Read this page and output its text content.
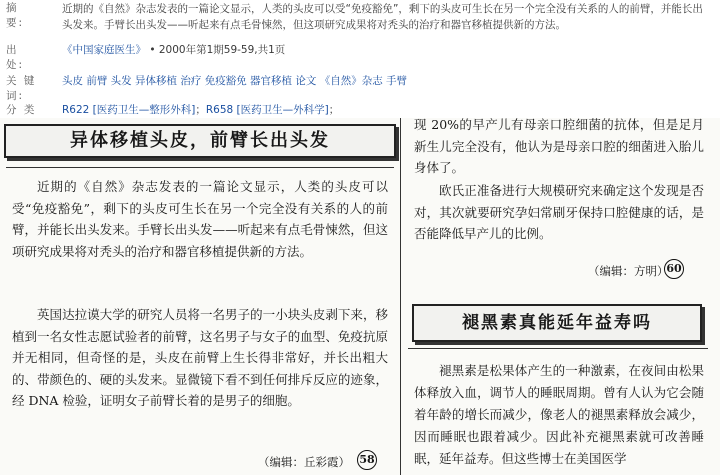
摘　要:
近期的《自然》杂志发表的一篇论文显示，人类的头皮可以受“免疫豁免”，剩下的头皮可生长在另一个完全没有关系的人的前臂，并能长出头发来。手臂长出头发——听起来有点毛骨悚然，但这项研究成果将对秃头的治疗和器官移植提供新的方法。
出　处:
《中国家庭医生》 • 2000年第1期59-59,共1页
关 键 词:
头皮 前臂 头发 异体移植 治疗 免疫豁免 器官移植 论文 《自然》杂志 手臂
分 类	R622 [医药卫生—整形外科]；R658 [医药卫生—外科学]；
异体移植头皮，前臂长出头发

近期的《自然》杂志发表的一篇论文显示，人类的头皮可以受“免疫豁免”，剩下的头皮可生长在另一个完全没有关系的人的前臂，并能长出头发来。手臂长出头发——听起来有点毛骨悚然，但这项研究成果将对秃头的治疗和器官移植提供新的方法。

英国达拉谟大学的研究人员将一名男子的一小块头皮剥下来，移植到一名女性志愿试验者的前臂，这名男子与女子的血型、免疫抗原并无相同，但奇怪的是，头皮在前臂上生长得非常好，并长出粗大的、带颜色的、硬的头发来。显微镜下看不到任何排斥反应的迹象，经 DNA 检验，证明女子前臂长着的是男子的细胞。

（编辑：丘彩霞） 58

现 20%的早产儿有母亲口腔细菌的抗体，但是足月新生儿完全没有，他认为是母亲口腔的细菌进入胎儿身体了。

欧氏正准备进行大规模研究来确定这个发现是否对，其次就要研究孕妇常刷牙保持口腔健康的话，是否能降低早产儿的比例。

（编辑：方明）
60
褪黑素真能延年益寿吗

褪黑素是松果体产生的一种激素，在夜间由松果体释放入血，调节人的睡眠周期。曾有人认为它会随着年龄的增长而减少，像老人的褪黑素释放会减少，因而睡眠也跟着减少。因此补充褪黑素就可改善睡眠，延年益寿。但这些博士在美国医学
